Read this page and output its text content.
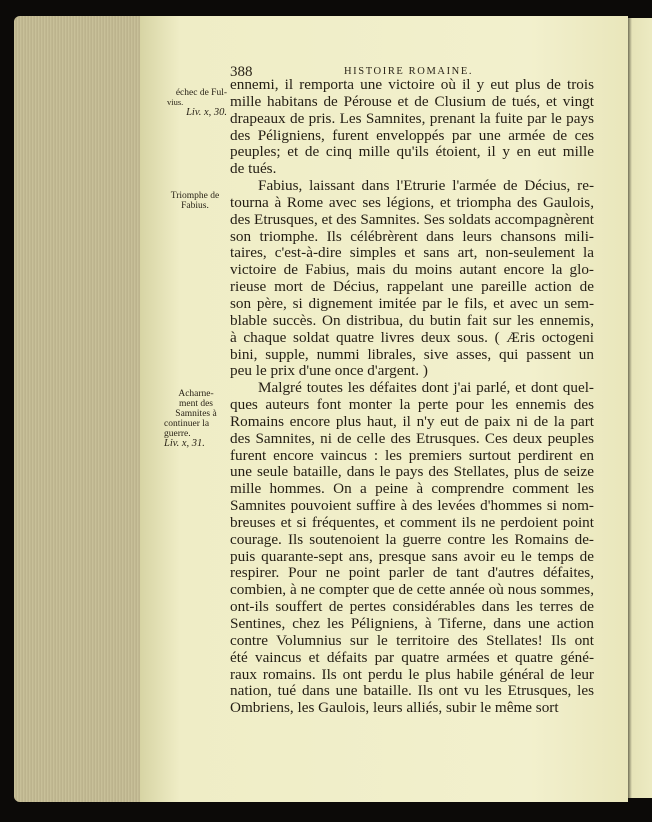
388	HISTOIRE ROMAINE.
échec de Ful-
vius.
Liv. x, 30.
Triomphe de
Fabius.
Acharne-
ment des
Samnites à
continuer la
guerre.
Liv. x, 31.
ennemi, il remporta une victoire où il y eut plus de trois
mille habitans de Pérouse et de Clusium de tués, et vingt
drapeaux de pris. Les Samnites, prenant la fuite par le pays
des Péligniens, furent enveloppés par une armée de ces
peuples; et de cinq mille qu'ils étoient, il y en eut mille
de tués.
Fabius, laissant dans l'Etrurie l'armée de Décius, re-
tourna à Rome avec ses légions, et triompha des Gaulois,
des Etrusques, et des Samnites. Ses soldats accompagnèrent
son triomphe. Ils célébrèrent dans leurs chansons mili-
taires, c'est-à-dire simples et sans art, non-seulement la
victoire de Fabius, mais du moins autant encore la glo-
rieuse mort de Décius, rappelant une pareille action de
son père, si dignement imitée par le fils, et avec un sem-
blable succès. On distribua, du butin fait sur les ennemis,
à chaque soldat quatre livres deux sous. ( Æris octogeni
bini, supple, nummi librales, sive asses, qui passent un
peu le prix d'une once d'argent. )
Malgré toutes les défaites dont j'ai parlé, et dont quel-
ques auteurs font monter la perte pour les ennemis des
Romains encore plus haut, il n'y eut de paix ni de la part
des Samnites, ni de celle des Etrusques. Ces deux peuples
furent encore vaincus : les premiers surtout perdirent en
une seule bataille, dans le pays des Stellates, plus de seize
mille hommes. On a peine à comprendre comment les
Samnites pouvoient suffire à des levées d'hommes si nom-
breuses et si fréquentes, et comment ils ne perdoient point
courage. Ils soutenoient la guerre contre les Romains de-
puis quarante-sept ans, presque sans avoir eu le temps de
respirer. Pour ne point parler de tant d'autres défaites,
combien, à ne compter que de cette année où nous sommes,
ont-ils souffert de pertes considérables dans les terres de
Sentines, chez les Péligniens, à Tiferne, dans une action
contre Volumnius sur le territoire des Stellates! Ils ont
été vaincus et défaits par quatre armées et quatre géné-
raux romains. Ils ont perdu le plus habile général de leur
nation, tué dans une bataille. Ils ont vu les Etrusques, les
Ombriens, les Gaulois, leurs alliés, subir le même sort
